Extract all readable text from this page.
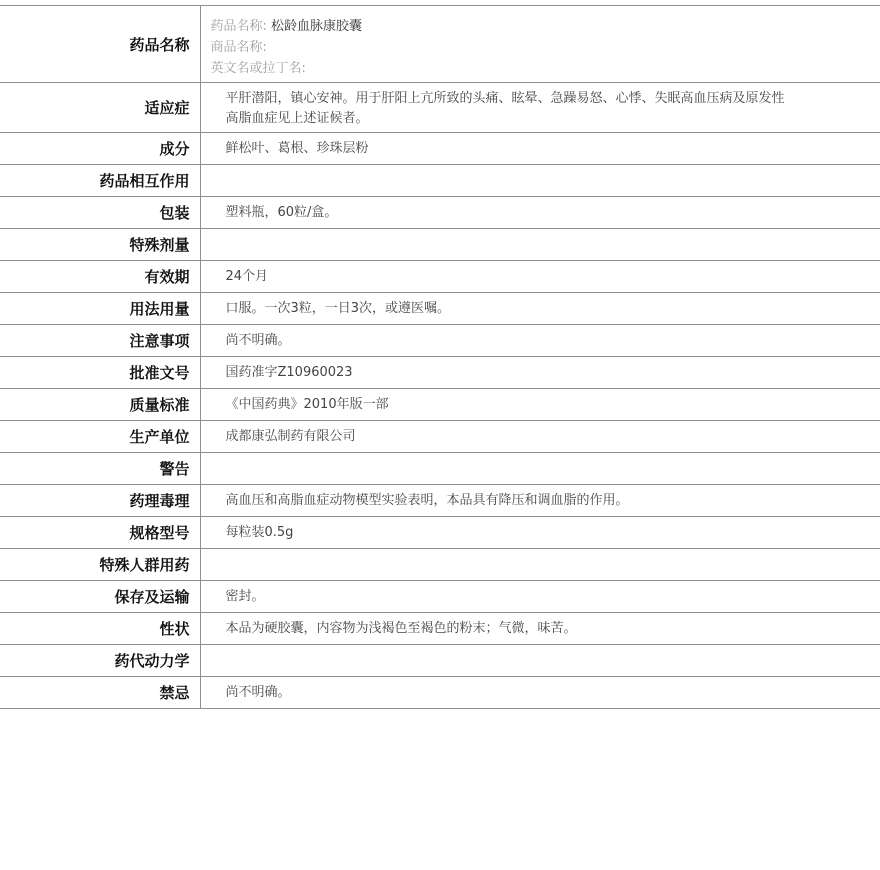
药品名称	药品名称: 松龄血脉康胶囊
商品名称:
英文名或拉丁名:

适应症	平肝潜阳，镇心安神。用于肝阳上亢所致的头痛、眩晕、急躁易怒、心悸、失眠高血压病及原发性高脂血症见上述证候者。

成分	鲜松叶、葛根、珍珠层粉

药品相互作用	

包装	塑料瓶，60粒/盒。

特殊剂量	

有效期	24个月

用法用量	口服。一次3粒，一日3次，或遵医嘱。

注意事项	尚不明确。

批准文号	国药准字Z10960023

质量标准	《中国药典》2010年版一部

生产单位	成都康弘制药有限公司

警告	

药理毒理	高血压和高脂血症动物模型实验表明，本品具有降压和调血脂的作用。

规格型号	每粒装0.5g

特殊人群用药	

保存及运输	密封。

性状	本品为硬胶囊，内容物为浅褐色至褐色的粉末；气微，味苦。

药代动力学	

禁忌	尚不明确。
